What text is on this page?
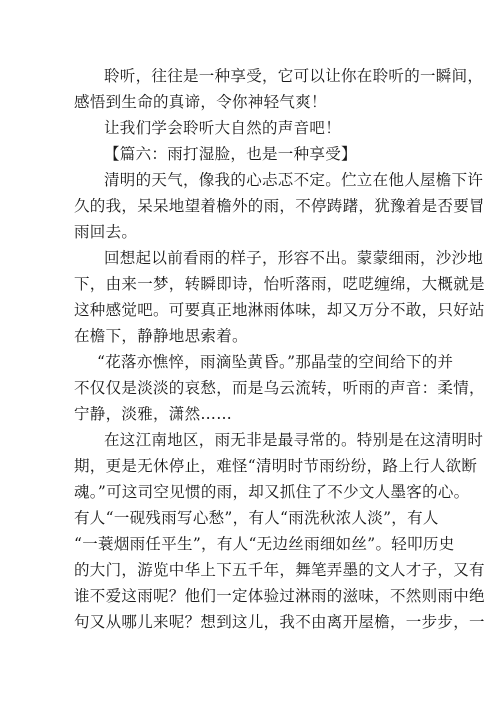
聆听，往往是一种享受，它可以让你在聆听的一瞬间，
感悟到生命的真谛，令你神轻气爽！
让我们学会聆听大自然的声音吧！
【篇六：雨打湿脸，也是一种享受】
清明的天气，像我的心忐忑不定。伫立在他人屋檐下许
久的我，呆呆地望着檐外的雨，不停踌躇，犹豫着是否要冒
雨回去。
回想起以前看雨的样子，形容不出。蒙蒙细雨，沙沙地
下，由来一梦，转瞬即诗，怡听落雨，呓呓缠绵，大概就是
这种感觉吧。可要真正地淋雨体味，却又万分不敢，只好站
在檐下，静静地思索着。
“花落亦憔悴，雨滴坠黄昏。”那晶莹的空间给下的并
不仅仅是淡淡的哀愁，而是乌云流转，听雨的声音：柔情，
宁静，淡雅，潇然……
在这江南地区，雨无非是最寻常的。特别是在这清明时
期，更是无休停止，难怪“清明时节雨纷纷，路上行人欲断
魂。”可这司空见惯的雨，却又抓住了不少文人墨客的心。
有人“一砚残雨写心愁”，有人“雨洗秋浓人淡”，有人
“一蓑烟雨任平生”，有人“无边丝雨细如丝”。轻叩历史
的大门，游览中华上下五千年，舞笔弄墨的文人才子，又有
谁不爱这雨呢？他们一定体验过淋雨的滋味，不然则雨中绝
句又从哪儿来呢？想到这儿，我不由离开屋檐，一步步，一
